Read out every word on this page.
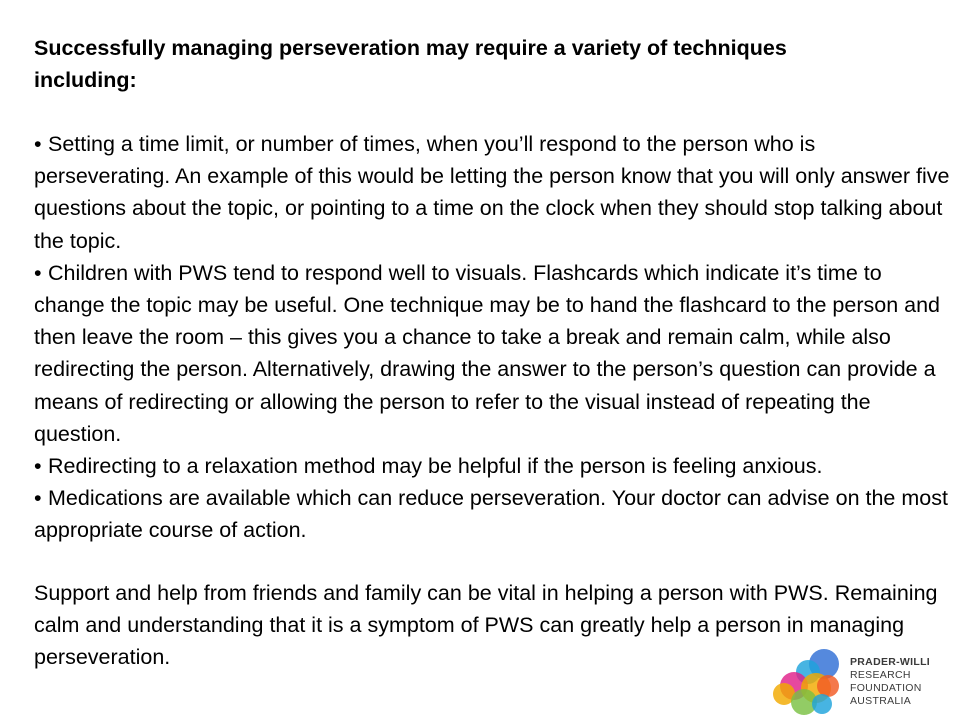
Successfully managing perseveration may require a variety of techniques
including:

• Setting a time limit, or number of times, when you’ll respond to the person who is perseverating. An example of this would be letting the person know that you will only answer five questions about the topic, or pointing to a time on the clock when they should stop talking about the topic.

• Children with PWS tend to respond well to visuals. Flashcards which indicate it’s time to change the topic may be useful. One technique may be to hand the flashcard to the person and then leave the room – this gives you a chance to take a break and remain calm, while also redirecting the person. Alternatively, drawing the answer to the person’s question can provide a means of redirecting or allowing the person to refer to the visual instead of repeating the question.

• Redirecting to a relaxation method may be helpful if the person is feeling anxious.

• Medications are available which can reduce perseveration. Your doctor can advise on the most appropriate course of action.

Support and help from friends and family can be vital in helping a person with PWS. Remaining calm and understanding that it is a symptom of PWS can greatly help a person in managing perseveration.	PRADER-WILLI
RESEARCH
FOUNDATION
AUSTRALIA
